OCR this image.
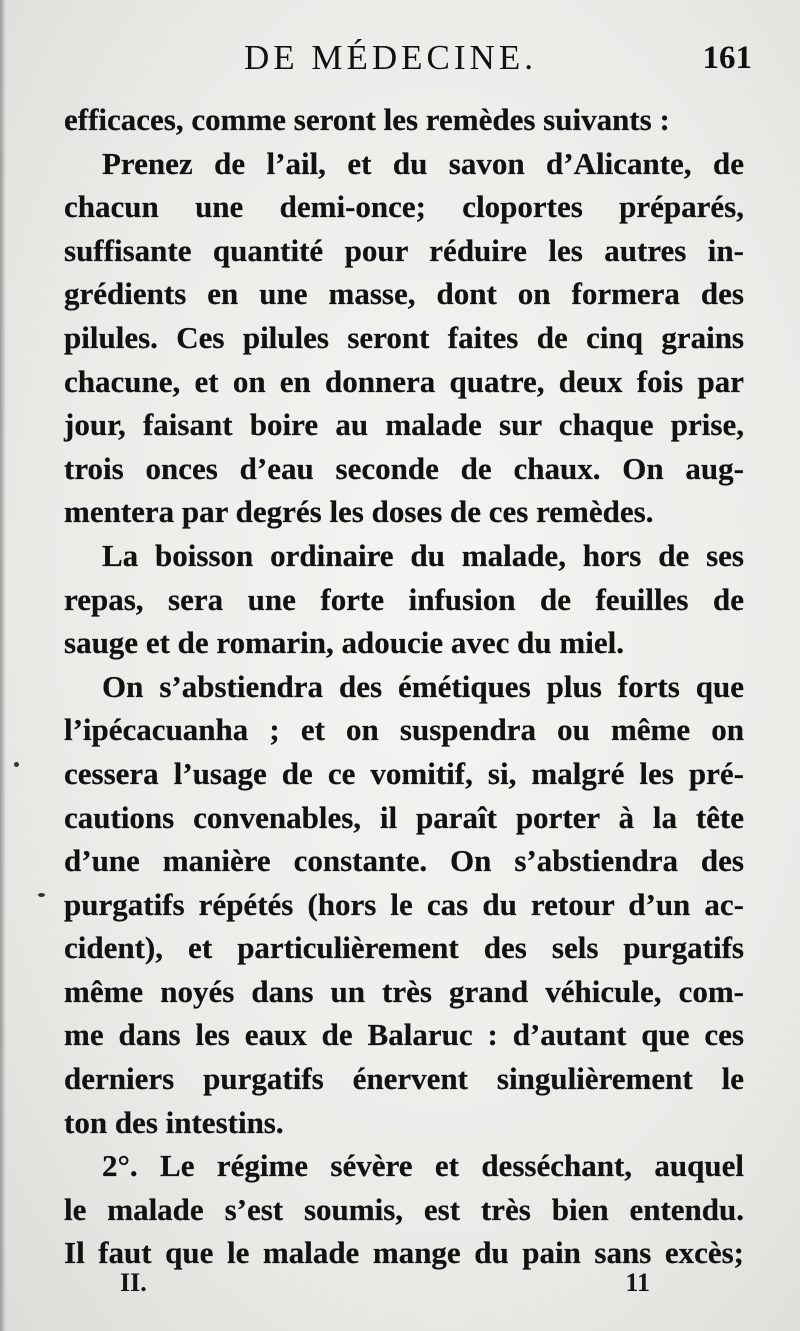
DE MÉDECINE.	161
efficaces, comme seront les remèdes suivants :
Prenez de l’ail, et du savon d’Alicante, de
chacun une demi-once; cloportes préparés,
suffisante quantité pour réduire les autres in-
grédients en une masse, dont on formera des
pilules. Ces pilules seront faites de cinq grains
chacune, et on en donnera quatre, deux fois par
jour, faisant boire au malade sur chaque prise,
trois onces d’eau seconde de chaux. On aug-
mentera par degrés les doses de ces remèdes.
La boisson ordinaire du malade, hors de ses
repas, sera une forte infusion de feuilles de
sauge et de romarin, adoucie avec du miel.
On s’abstiendra des émétiques plus forts que
l’ipécacuanha ; et on suspendra ou même on
cessera l’usage de ce vomitif, si, malgré les pré-
cautions convenables, il paraît porter à la tête
d’une manière constante. On s’abstiendra des
purgatifs répétés (hors le cas du retour d’un ac-
cident), et particulièrement des sels purgatifs
même noyés dans un très grand véhicule, com-
me dans les eaux de Balaruc : d’autant que ces
derniers purgatifs énervent singulièrement le
ton des intestins.
2°. Le régime sévère et desséchant, auquel
le malade s’est soumis, est très bien entendu.
Il faut que le malade mange du pain sans excès;
II.	11
